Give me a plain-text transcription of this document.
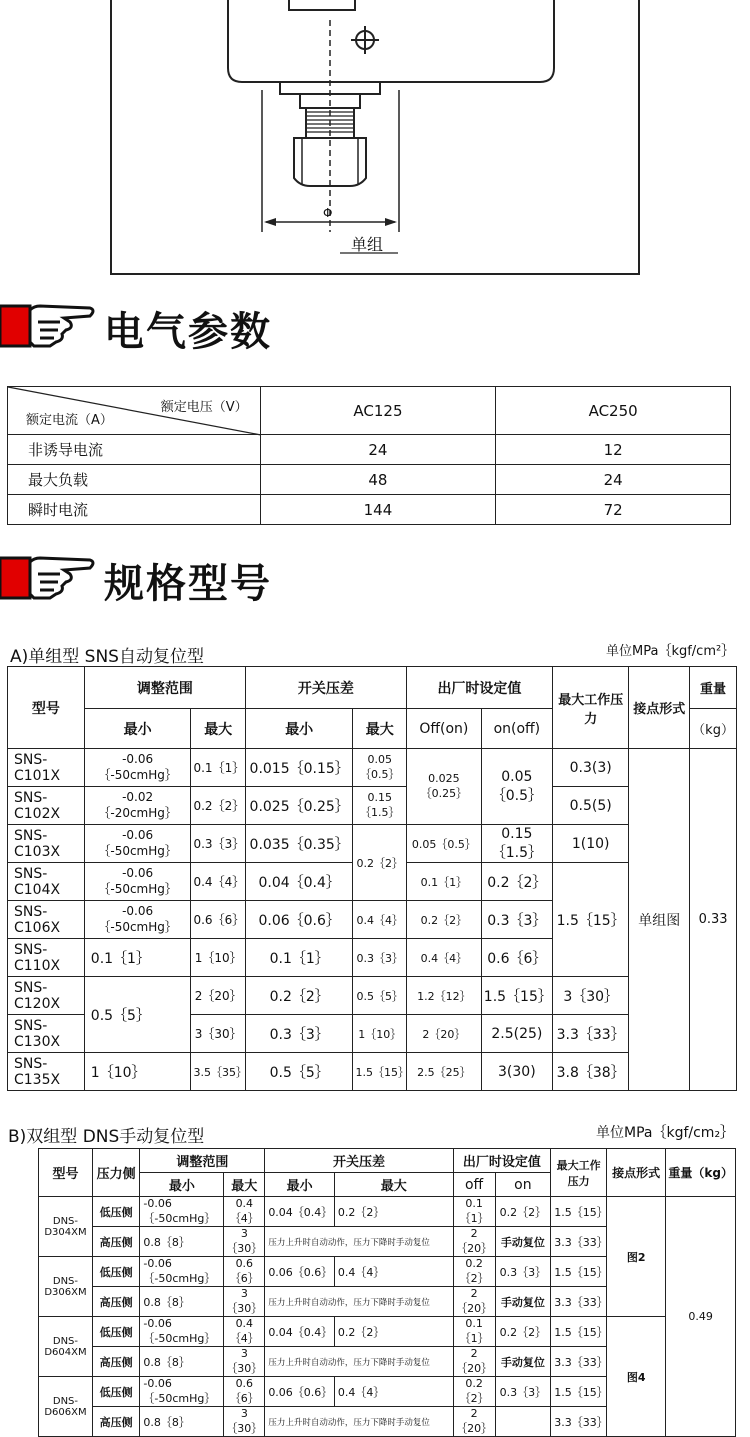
Φ
单组
电气参数
额定电压（V）
额定电流（A）	AC125	AC250
非诱导电流	24	12
最大负载	48	24
瞬时电流	144	72
规格型号
A)单组型 SNS自动复位型	单位MPa｛kgf/cm²｝
型号	调整范围		开关压差		出厂时设定值		最大工作压力	接点形式	重量
	最小	最大	最小	最大	Off(on)	on(off)			（kg）
SNS-C101X	-0.06｛-50cmHg｝	0.1｛1｝	0.015｛0.15｝	0.05｛0.5｝	0.025｛0.25｝	0.05｛0.5｝	0.3(3)	单组图	0.33
SNS-C102X	-0.02｛-20cmHg｝	0.2｛2｝	0.025｛0.25｝	0.15｛1.5｝			0.5(5)		
SNS-C103X	-0.06｛-50cmHg｝	0.3｛3｝	0.035｛0.35｝	0.2｛2｝	0.05｛0.5｝	0.15｛1.5｝	1(10)		
SNS-C104X	-0.06｛-50cmHg｝	0.4｛4｝	0.04｛0.4｝		0.1｛1｝	0.2｛2｝	1.5｛15｝		
SNS-C106X	-0.06｛-50cmHg｝	0.6｛6｝	0.06｛0.6｝	0.4｛4｝	0.2｛2｝	0.3｛3｝			
SNS-C110X	0.1｛1｝	1｛10｝	0.1｛1｝	0.3｛3｝	0.4｛4｝	0.6｛6｝			
SNS-C120X	0.5｛5｝	2｛20｝	0.2｛2｝	0.5｛5｝	1.2｛12｝	1.5｛15｝	3｛30｝		
SNS-C130X		3｛30｝	0.3｛3｝	1｛10｝	2｛20｝	2.5(25)	3.3｛33｝		
SNS-C135X	1｛10｝	3.5｛35｝	0.5｛5｝	1.5｛15｝	2.5｛25｝	3(30)	3.8｛38｝		
B)双组型 DNS手动复位型	单位MPa｛kgf/cm₂｝
型号	压力侧	调整范围		开关压差		出厂时设定值		最大工作压力	接点形式	重量（kg）
		最小	最大	最小	最大	off	on			
DNS-D304XM	低压侧	-0.06｛-50cmHg｝	0.4｛4｝	0.04｛0.4｝	0.2｛2｝	0.1｛1｝	0.2｛2｝	1.5｛15｝	图2	0.49
	高压侧	0.8｛8｝	3｛30｝	压力上升时自动动作，压力下降时手动复位		2｛20｝	手动复位	3.3｛33｝		
DNS-D306XM	低压侧	-0.06｛-50cmHg｝	0.6｛6｝	0.06｛0.6｝	0.4｛4｝	0.2｛2｝	0.3｛3｝	1.5｛15｝		
	高压侧	0.8｛8｝	3｛30｝	压力上升时自动动作，压力下降时手动复位		2｛20｝	手动复位	3.3｛33｝		
DNS-D604XM	低压侧	-0.06｛-50cmHg｝	0.4｛4｝	0.04｛0.4｝	0.2｛2｝	0.1｛1｝	0.2｛2｝	1.5｛15｝	图4	
	高压侧	0.8｛8｝	3｛30｝	压力上升时自动动作，压力下降时手动复位		2｛20｝	手动复位	3.3｛33｝		
DNS-D606XM	低压侧	-0.06｛-50cmHg｝	0.6｛6｝	0.06｛0.6｝	0.4｛4｝	0.2｛2｝	0.3｛3｝	1.5｛15｝		
	高压侧	0.8｛8｝	3｛30｝	压力上升时自动动作，压力下降时手动复位		2｛20｝		3.3｛33｝		
